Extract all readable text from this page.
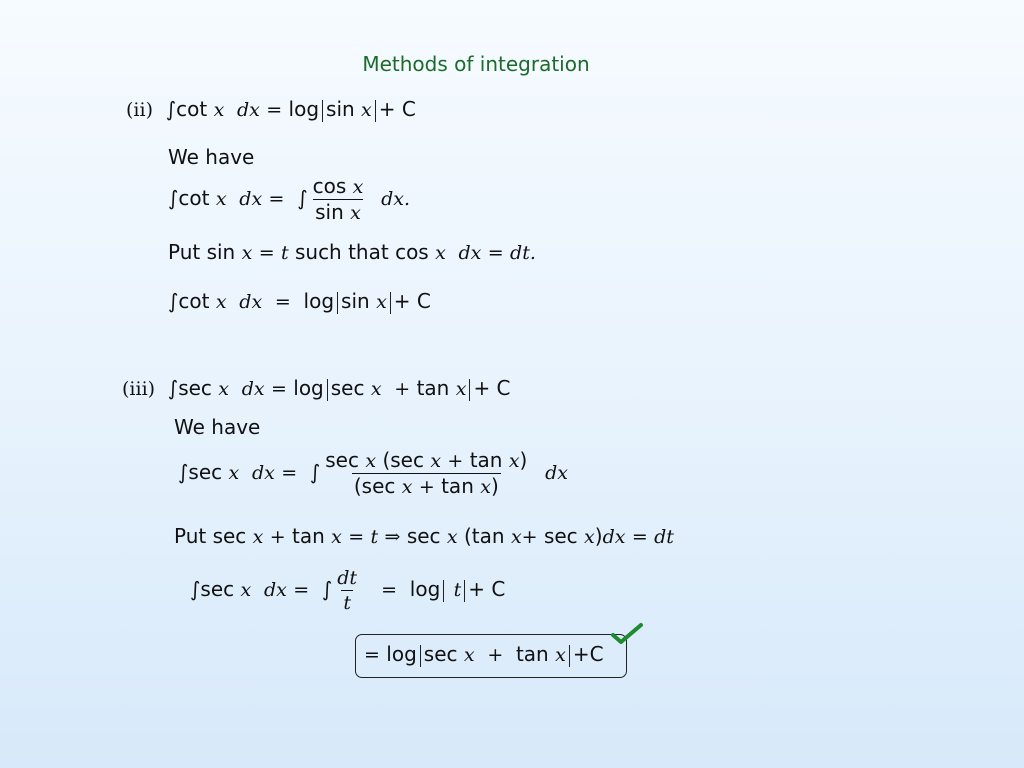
Methods of integration
(ii) ∫cot x dx = log sin x + C
We have
∫cot x dx = ∫ $\frac{\text{cos x}}{\text{sin x}}$ dx.
Put sin x = t such that cos x dx = dt.
∫cot x dx = log sin x + C
(iii) ∫sec x dx = log sec x + tan x + C
We have
∫sec x dx = ∫ $\frac{\text{sec x (sec x + tan x)}}{\text{(sec x + tan x)}}$ dx
Put sec x + tan x = t ⇒ sec x (tan x+ sec x)dx = dt
∫sec x dx = ∫ $\frac{dt}{t} = \log t + C$
= log sec x + tan x +C
